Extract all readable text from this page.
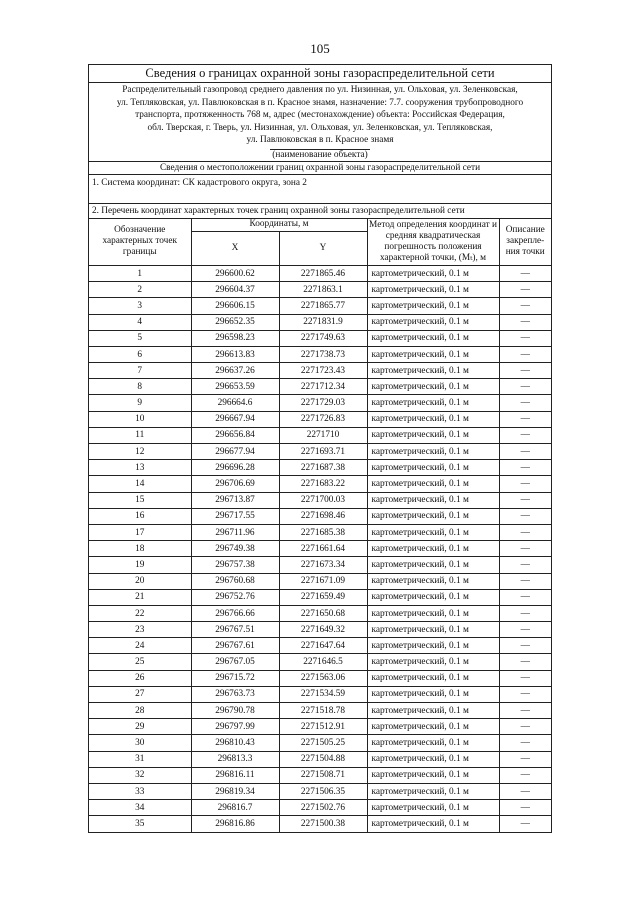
105
Сведения о границах охранной зоны газораспределительной сети
Распределительный газопровод среднего давления по ул. Низинная, ул. Ольховая, ул. Зеленковская,
ул. Тепляковская, ул. Павлюковская в п. Красное знамя, назначение: 7.7. сооружения трубопроводного
транспорта, протяженность 768 м, адрес (местонахождение) объекта: Российская Федерация,
обл. Тверская, г. Тверь, ул. Низинная, ул. Ольховая, ул. Зеленковская, ул. Тепляковская,
ул. Павлюковская в п. Красное знамя
(наименование объекта)
Сведения о местоположении границ охранной зоны газораспределительной сети
1. Система координат: СК кадастрового округа, зона 2
2. Перечень координат характерных точек границ охранной зоны газораспределительной сети
Обозначение характерных точек границы	Координаты, м		Метод определения координат и средняя квадратическая погрешность положения характерной точки, (Mₜ), м	Описание закрепле-ния точки
	X	Y		
1	296600.62	2271865.46	картометрический, 0.1 м	—
2	296604.37	2271863.1	картометрический, 0.1 м	—
3	296606.15	2271865.77	картометрический, 0.1 м	—
4	296652.35	2271831.9	картометрический, 0.1 м	—
5	296598.23	2271749.63	картометрический, 0.1 м	—
6	296613.83	2271738.73	картометрический, 0.1 м	—
7	296637.26	2271723.43	картометрический, 0.1 м	—
8	296653.59	2271712.34	картометрический, 0.1 м	—
9	296664.6	2271729.03	картометрический, 0.1 м	—
10	296667.94	2271726.83	картометрический, 0.1 м	—
11	296656.84	2271710	картометрический, 0.1 м	—
12	296677.94	2271693.71	картометрический, 0.1 м	—
13	296696.28	2271687.38	картометрический, 0.1 м	—
14	296706.69	2271683.22	картометрический, 0.1 м	—
15	296713.87	2271700.03	картометрический, 0.1 м	—
16	296717.55	2271698.46	картометрический, 0.1 м	—
17	296711.96	2271685.38	картометрический, 0.1 м	—
18	296749.38	2271661.64	картометрический, 0.1 м	—
19	296757.38	2271673.34	картометрический, 0.1 м	—
20	296760.68	2271671.09	картометрический, 0.1 м	—
21	296752.76	2271659.49	картометрический, 0.1 м	—
22	296766.66	2271650.68	картометрический, 0.1 м	—
23	296767.51	2271649.32	картометрический, 0.1 м	—
24	296767.61	2271647.64	картометрический, 0.1 м	—
25	296767.05	2271646.5	картометрический, 0.1 м	—
26	296715.72	2271563.06	картометрический, 0.1 м	—
27	296763.73	2271534.59	картометрический, 0.1 м	—
28	296790.78	2271518.78	картометрический, 0.1 м	—
29	296797.99	2271512.91	картометрический, 0.1 м	—
30	296810.43	2271505.25	картометрический, 0.1 м	—
31	296813.3	2271504.88	картометрический, 0.1 м	—
32	296816.11	2271508.71	картометрический, 0.1 м	—
33	296819.34	2271506.35	картометрический, 0.1 м	—
34	296816.7	2271502.76	картометрический, 0.1 м	—
35	296816.86	2271500.38	картометрический, 0.1 м	—
